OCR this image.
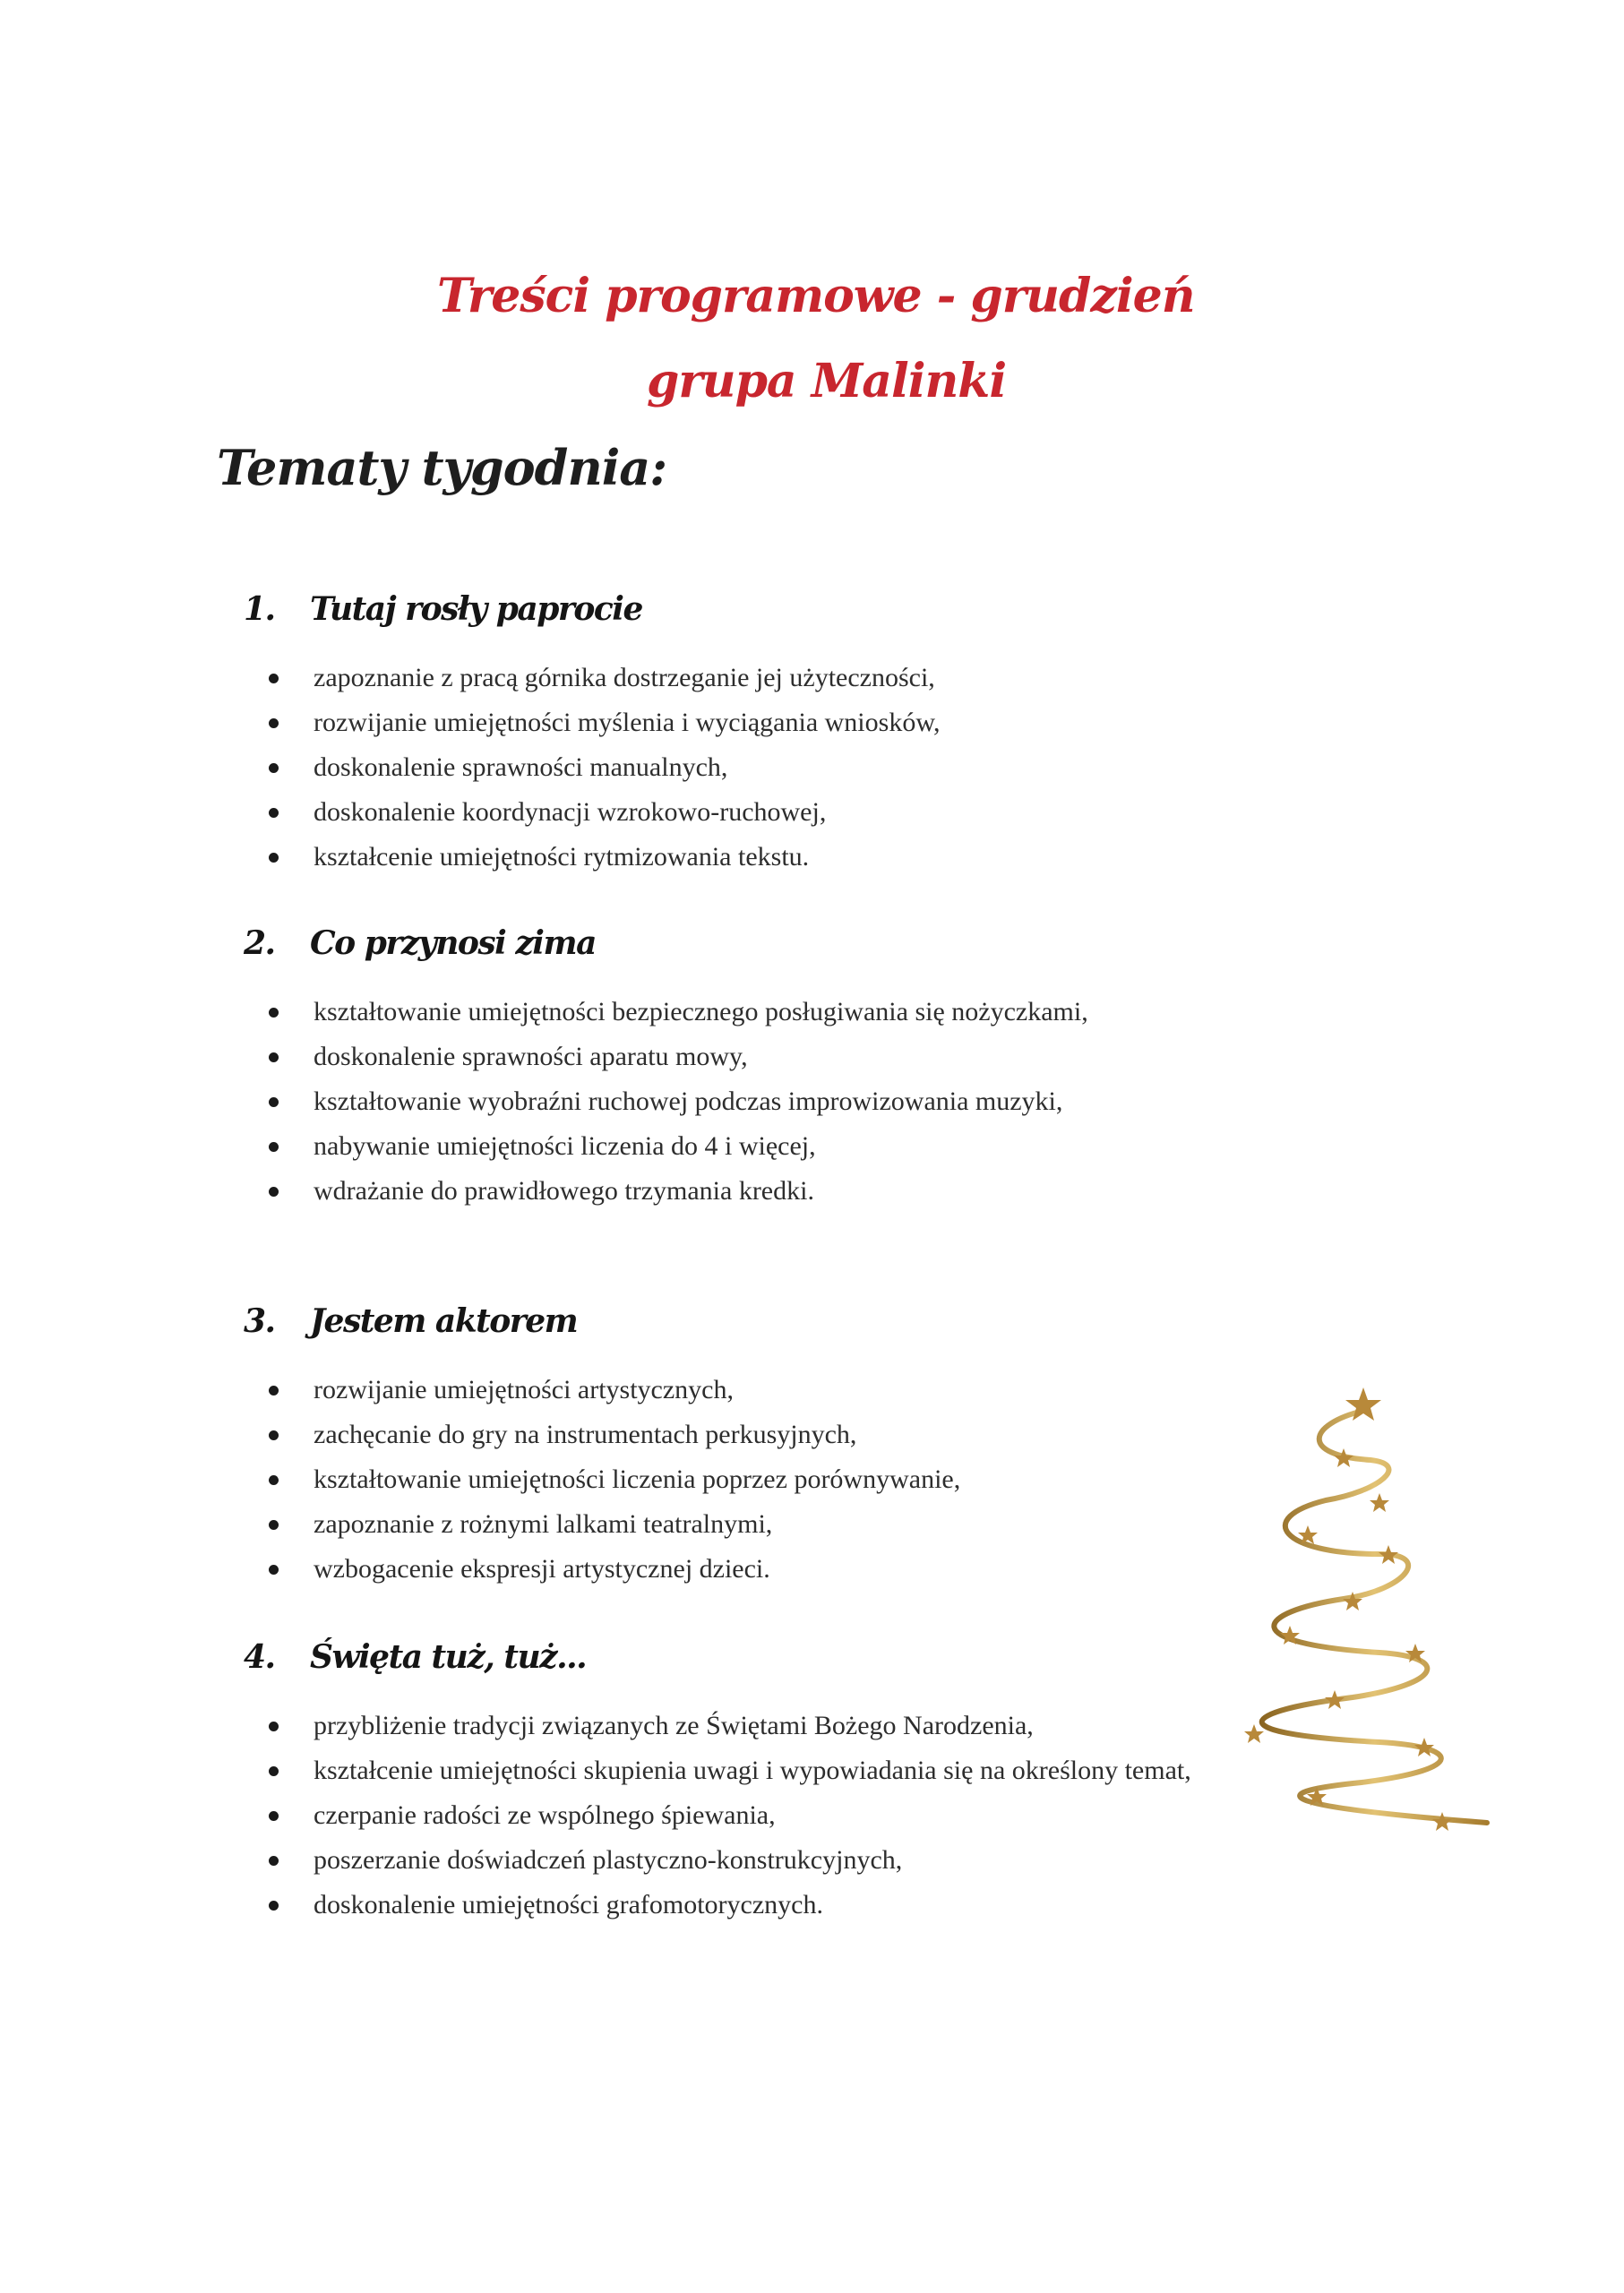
Treści programowe - grudzień
grupa Malinki
Tematy tygodnia:
1.	Tutaj rosły paprocie
zapoznanie z pracą górnika dostrzeganie jej użyteczności,
rozwijanie umiejętności myślenia i wyciągania wniosków,
doskonalenie sprawności manualnych,
doskonalenie koordynacji wzrokowo-ruchowej,
kształcenie umiejętności rytmizowania tekstu.
2.	Co przynosi zima
kształtowanie umiejętności bezpiecznego posługiwania się nożyczkami,
doskonalenie sprawności aparatu mowy,
kształtowanie wyobraźni ruchowej podczas improwizowania muzyki,
nabywanie umiejętności liczenia do 4 i więcej,
wdrażanie do prawidłowego trzymania kredki.
3.	Jestem aktorem
rozwijanie umiejętności artystycznych,
zachęcanie do gry na instrumentach perkusyjnych,
kształtowanie umiejętności liczenia poprzez porównywanie,
zapoznanie z rożnymi lalkami teatralnymi,
wzbogacenie ekspresji artystycznej dzieci.
4.	Święta tuż, tuż...
przybliżenie tradycji związanych ze Świętami Bożego Narodzenia,
kształcenie umiejętności skupienia uwagi i wypowiadania się na określony temat,
czerpanie radości ze wspólnego śpiewania,
poszerzanie doświadczeń plastyczno-konstrukcyjnych,
doskonalenie umiejętności grafomotorycznych.
